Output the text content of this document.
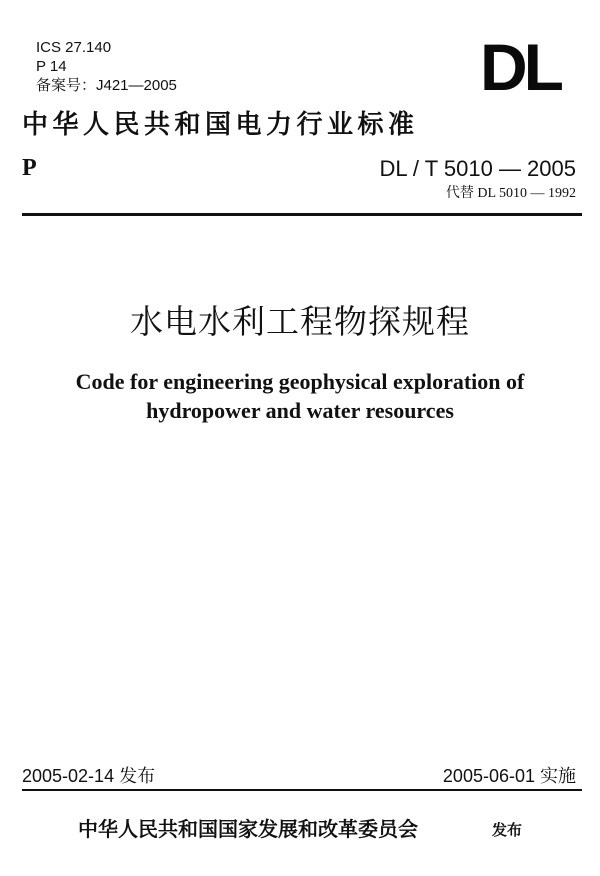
ICS 27.140
P 14
备案号：J421—2005	DL
中华人民共和国电力行业标准
P	DL / T 5010 — 2005
代替 DL 5010 — 1992
水电水利工程物探规程
Code for engineering geophysical exploration of
hydropower and water resources
2005-02-14 发布	2005-06-01 实施
中华人民共和国国家发展和改革委员会	发布
